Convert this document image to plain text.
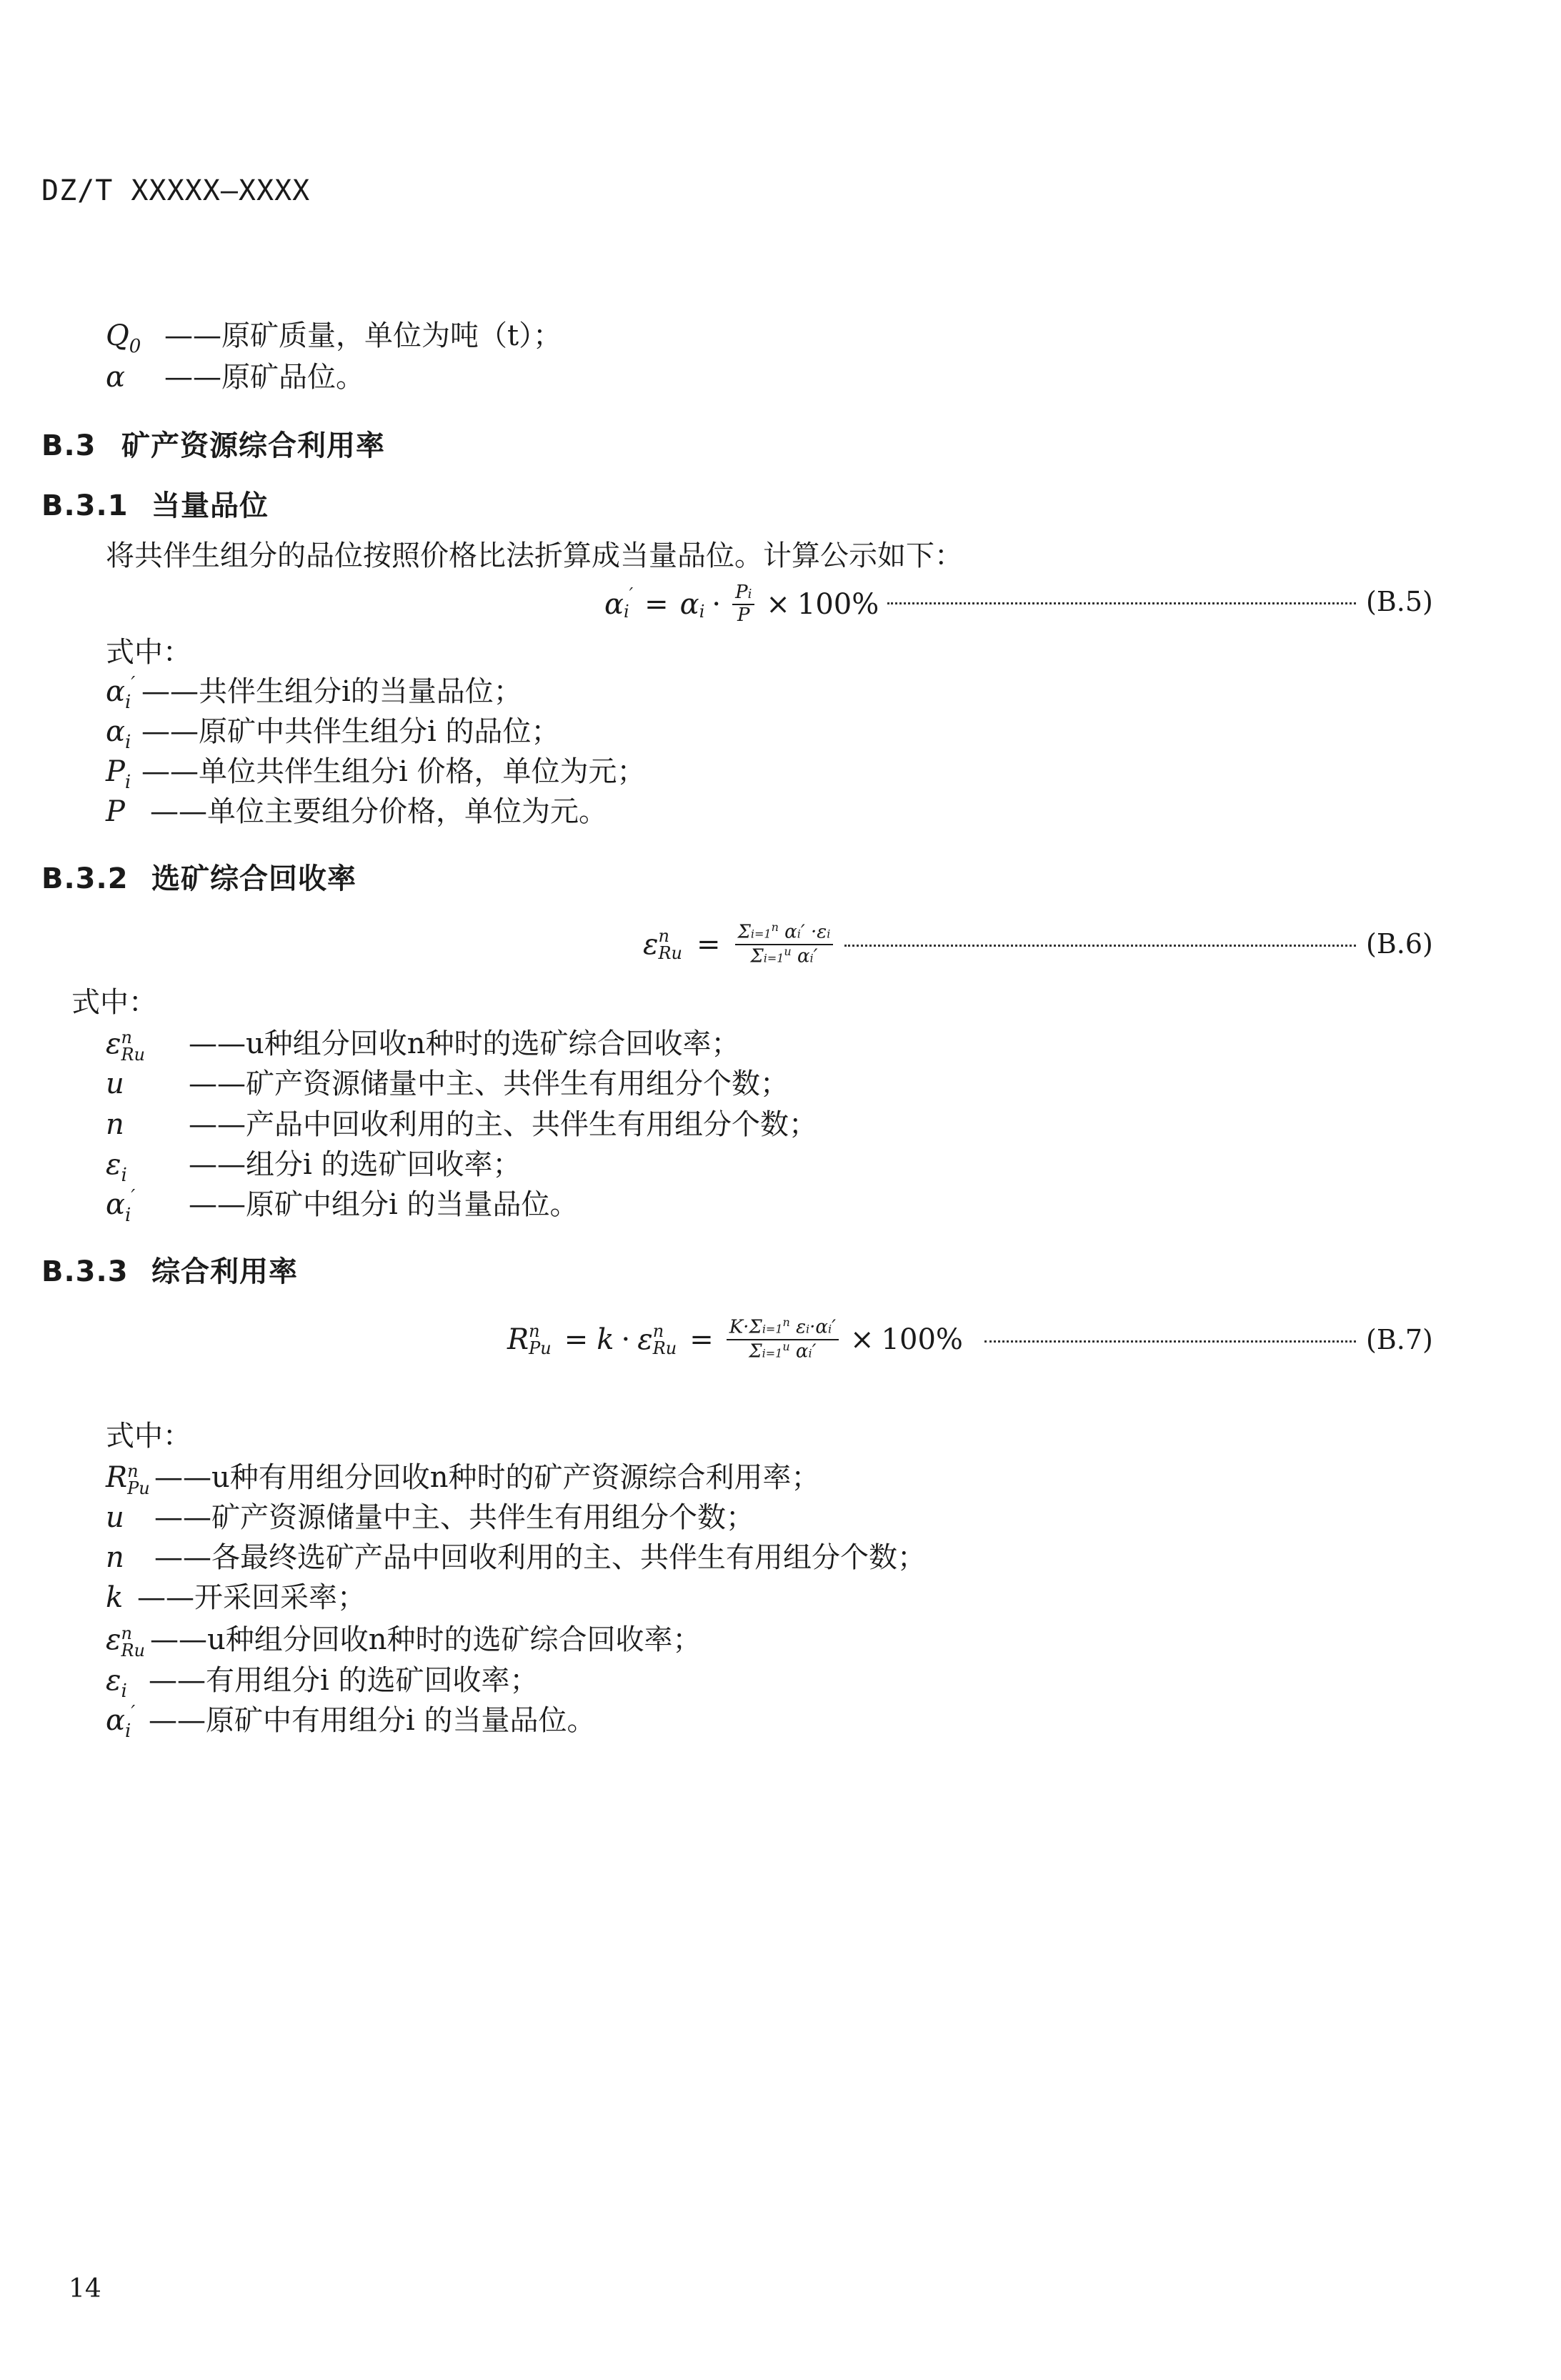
DZ/T XXXXX—XXXX
$Q_0$ ——原矿质量，单位为吨（t）；
α	——原矿品位。
B.3 矿产资源综合利用率
B.3.1 当量品位
将共伴生组分的品位按照价格比法折算成当量品位。计算公示如下：
α i
′ = α $i \cdot \frac{Pi}{P} \times 100\%$	(B.5)
式中：
$\alpha_i'$ ——共伴生组分i的当量品位；
$\alpha_i$ ——原矿中共伴生组分i 的品位；
$P_i$ ——单位共伴生组分i 价格，单位为元；
P ——单位主要组分价格，单位为元。
B.3.2 选矿综合回收率
ε n
$Ru = \frac{\Sigma i=1^n \alpha i' \cdot\varepsilon i}{\Sigma i=1^u \alpha i'}$	(B.6)
式中：
ε n
Ru ——u种组分回收n种时的选矿综合回收率；
u	——矿产资源储量中主、共伴生有用组分个数；
n	——产品中回收利用的主、共伴生有用组分个数；
$\varepsilon_i$	——组分i 的选矿回收率；
$\alpha_i'$	——原矿中组分i 的当量品位。
B.3.3 综合利用率
R n
Pu = k · ε n
$Ru = \frac{K\cdot\Sigma i=1^n \varepsilon i\cdot\alpha i'}{\Sigma i=1^u \alpha i'} \times 100\%$	(B.7)
式中：
R n
Pu ——u种有用组分回收n种时的矿产资源综合利用率；
u	——矿产资源储量中主、共伴生有用组分个数；
n	——各最终选矿产品中回收利用的主、共伴生有用组分个数；
k ——开采回采率；
ε n
Ru ——u种组分回收n种时的选矿综合回收率；
$\varepsilon_i$ ——有用组分i 的选矿回收率；
$\alpha_i'$ ——原矿中有用组分i 的当量品位。
14
